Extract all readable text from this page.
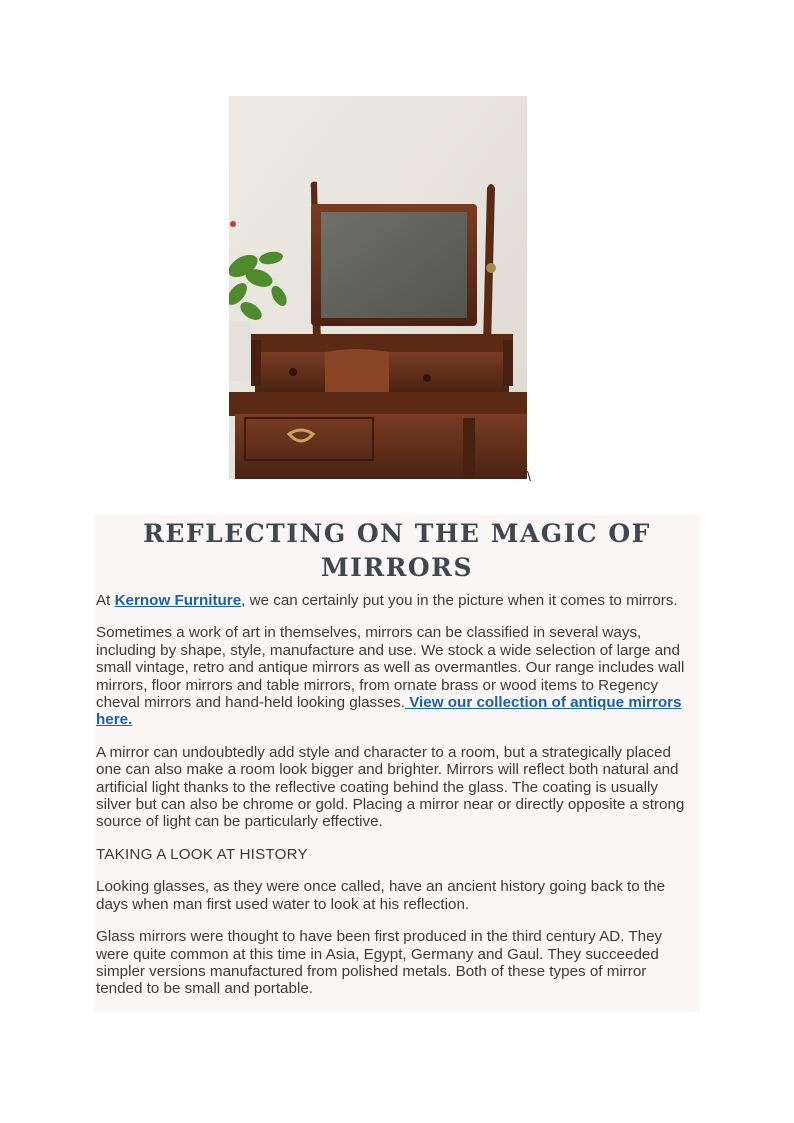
\
REFLECTING ON THE MAGIC OF
MIRRORS

At Kernow Furniture, we can certainly put you in the picture when it comes to mirrors.

Sometimes a work of art in themselves, mirrors can be classified in several ways, including by shape, style, manufacture and use. We stock a wide selection of large and small vintage, retro and antique mirrors as well as overmantles. Our range includes wall mirrors, floor mirrors and table mirrors, from ornate brass or wood items to Regency cheval mirrors and hand-held looking glasses. View our collection of antique mirrors here.

A mirror can undoubtedly add style and character to a room, but a strategically placed one can also make a room look bigger and brighter. Mirrors will reflect both natural and artificial light thanks to the reflective coating behind the glass. The coating is usually silver but can also be chrome or gold. Placing a mirror near or directly opposite a strong source of light can be particularly effective.

TAKING A LOOK AT HISTORY

Looking glasses, as they were once called, have an ancient history going back to the days when man first used water to look at his reflection.

Glass mirrors were thought to have been first produced in the third century AD. They were quite common at this time in Asia, Egypt, Germany and Gaul. They succeeded simpler versions manufactured from polished metals. Both of these types of mirror tended to be small and portable.
